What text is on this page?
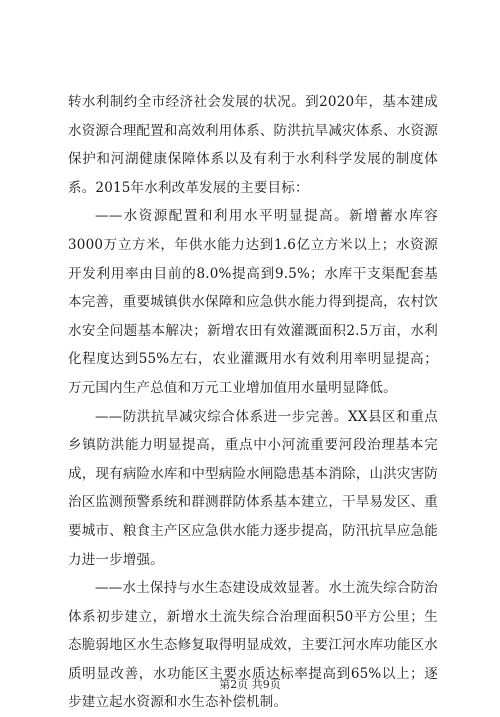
转水利制约全市经济社会发展的状况。到2020年，基本建成水资源合理配置和高效利用体系、防洪抗旱减灾体系、水资源保护和河湖健康保障体系以及有利于水利科学发展的制度体系。2015年水利改革发展的主要目标：

——水资源配置和利用水平明显提高。新增蓄水库容3000万立方米，年供水能力达到1.6亿立方米以上；水资源开发利用率由目前的8.0%提高到9.5%；水库干支渠配套基本完善，重要城镇供水保障和应急供水能力得到提高，农村饮水安全问题基本解决；新增农田有效灌溉面积2.5万亩，水利化程度达到55%左右，农业灌溉用水有效利用率明显提高；万元国内生产总值和万元工业增加值用水量明显降低。

——防洪抗旱减灾综合体系进一步完善。XX县区和重点乡镇防洪能力明显提高，重点中小河流重要河段治理基本完成，现有病险水库和中型病险水闸隐患基本消除，山洪灾害防治区监测预警系统和群测群防体系基本建立，干旱易发区、重要城市、粮食主产区应急供水能力逐步提高，防汛抗旱应急能力进一步增强。

——水土保持与水生态建设成效显著。水土流失综合防治体系初步建立，新增水土流失综合治理面积50平方公里；生态脆弱地区水生态修复取得明显成效，主要江河水库功能区水质明显改善，水功能区主要水质达标率提高到65%以上；逐步建立起水资源和水生态补偿机制。

第2页 共9页
